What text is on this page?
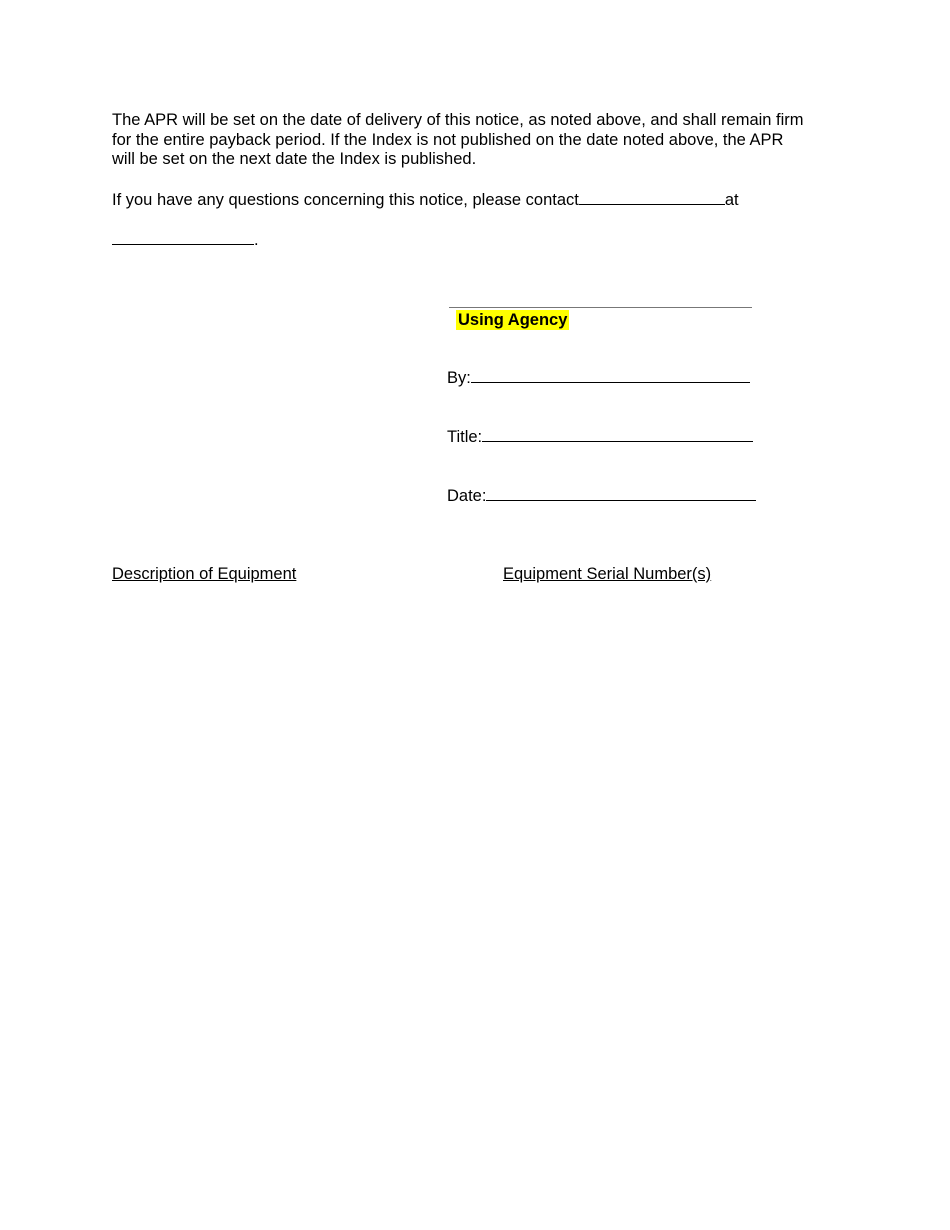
The APR will be set on the date of delivery of this notice, as noted above, and shall remain firm
for the entire payback period. If the Index is not published on the date noted above, the APR
will be set on the next date the Index is published.
If you have any questions concerning this notice, please contact	at
.
Using Agency
By:
Title:
Date:
Description of Equipment	Equipment Serial Number(s)
